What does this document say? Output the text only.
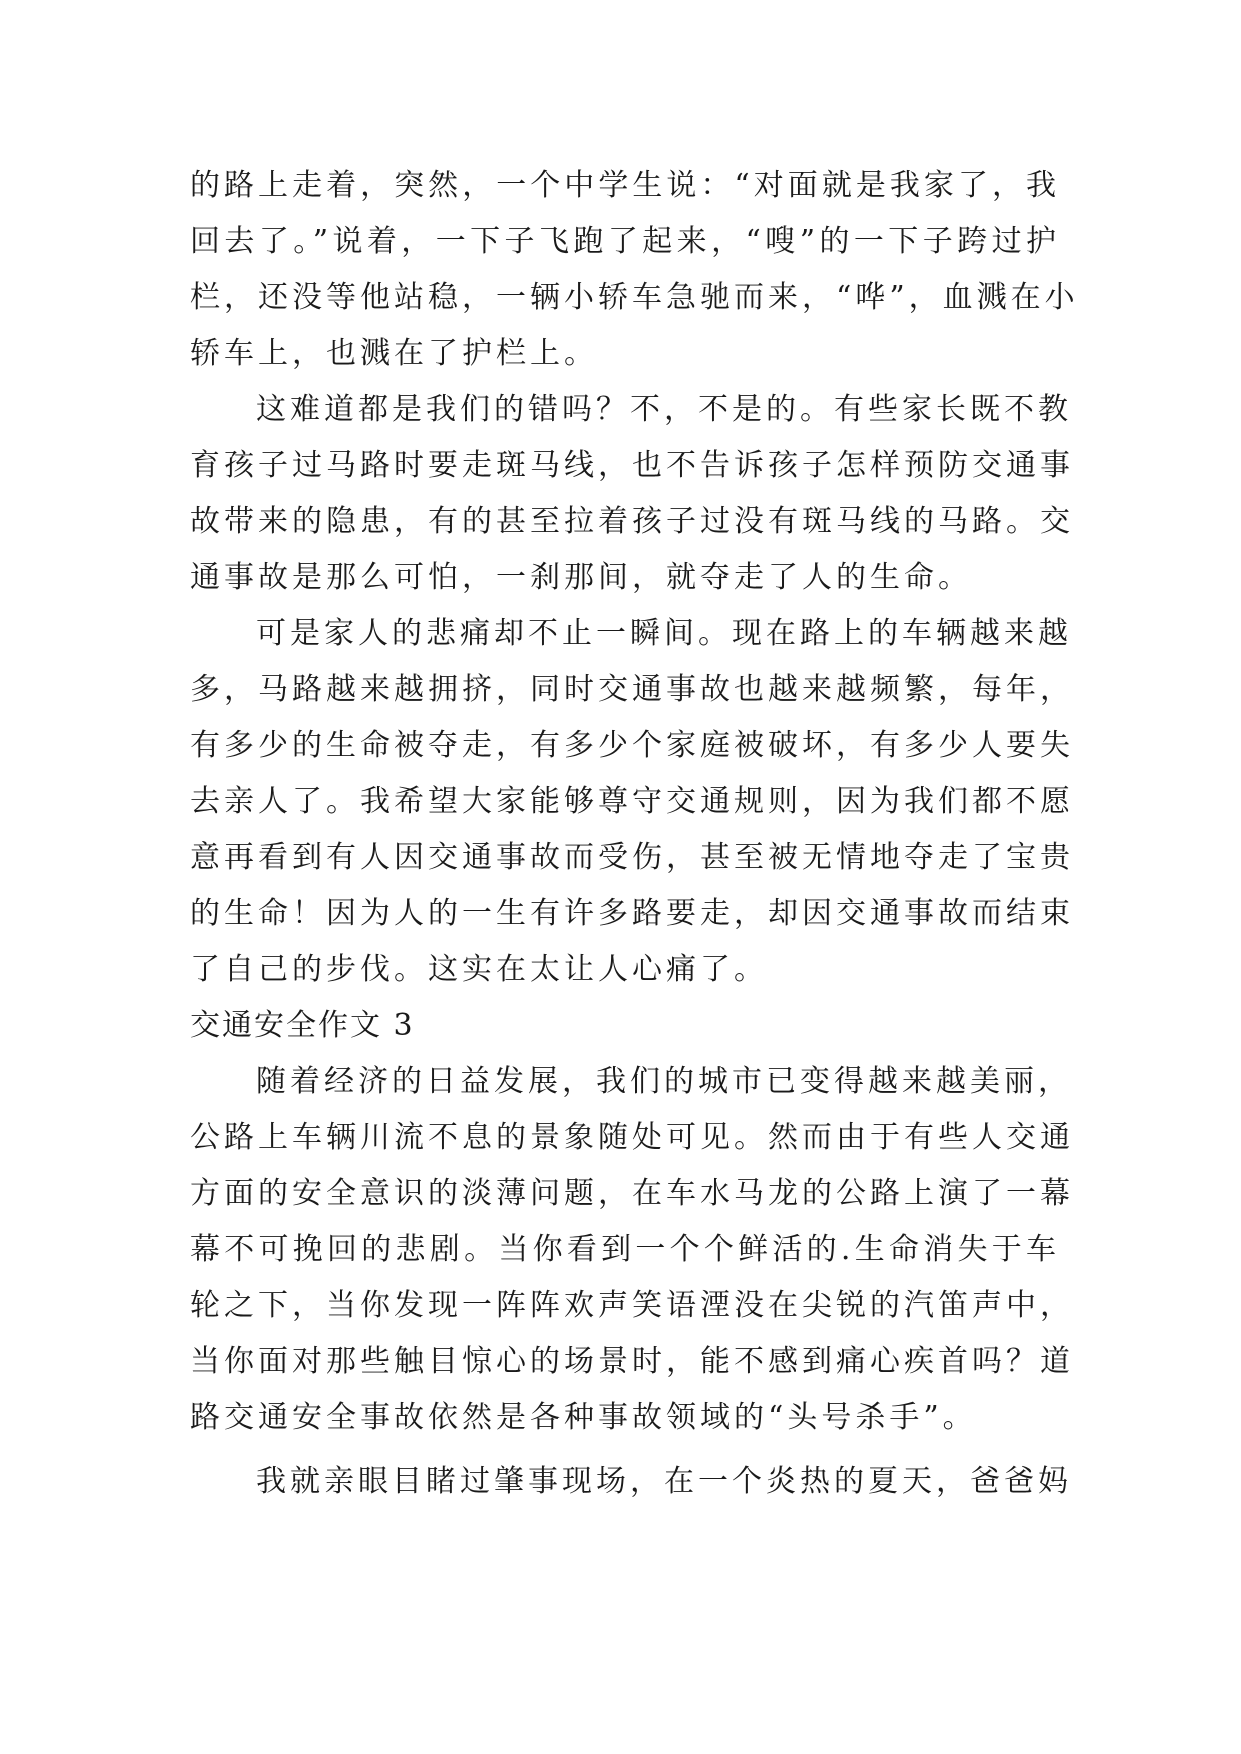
的路上走着，突然，一个中学生说：“对面就是我家了，我
回去了。”说着，一下子飞跑了起来，“嗖”的一下子跨过护
栏，还没等他站稳，一辆小轿车急驰而来，“哗”，血溅在小
轿车上，也溅在了护栏上。
这难道都是我们的错吗？不，不是的。有些家长既不教
育孩子过马路时要走斑马线，也不告诉孩子怎样预防交通事
故带来的隐患，有的甚至拉着孩子过没有斑马线的马路。交
通事故是那么可怕，一刹那间，就夺走了人的生命。
可是家人的悲痛却不止一瞬间。现在路上的车辆越来越
多，马路越来越拥挤，同时交通事故也越来越频繁，每年，
有多少的生命被夺走，有多少个家庭被破坏，有多少人要失
去亲人了。我希望大家能够尊守交通规则，因为我们都不愿
意再看到有人因交通事故而受伤，甚至被无情地夺走了宝贵
的生命！因为人的一生有许多路要走，却因交通事故而结束
了自己的步伐。这实在太让人心痛了。
交通安全作文 3
随着经济的日益发展，我们的城市已变得越来越美丽，
公路上车辆川流不息的景象随处可见。然而由于有些人交通
方面的安全意识的淡薄问题，在车水马龙的公路上演了一幕
幕不可挽回的悲剧。当你看到一个个鲜活的.生命消失于车
轮之下，当你发现一阵阵欢声笑语湮没在尖锐的汽笛声中，
当你面对那些触目惊心的场景时，能不感到痛心疾首吗？道
路交通安全事故依然是各种事故领域的“头号杀手”。
我就亲眼目睹过肇事现场，在一个炎热的夏天，爸爸妈
